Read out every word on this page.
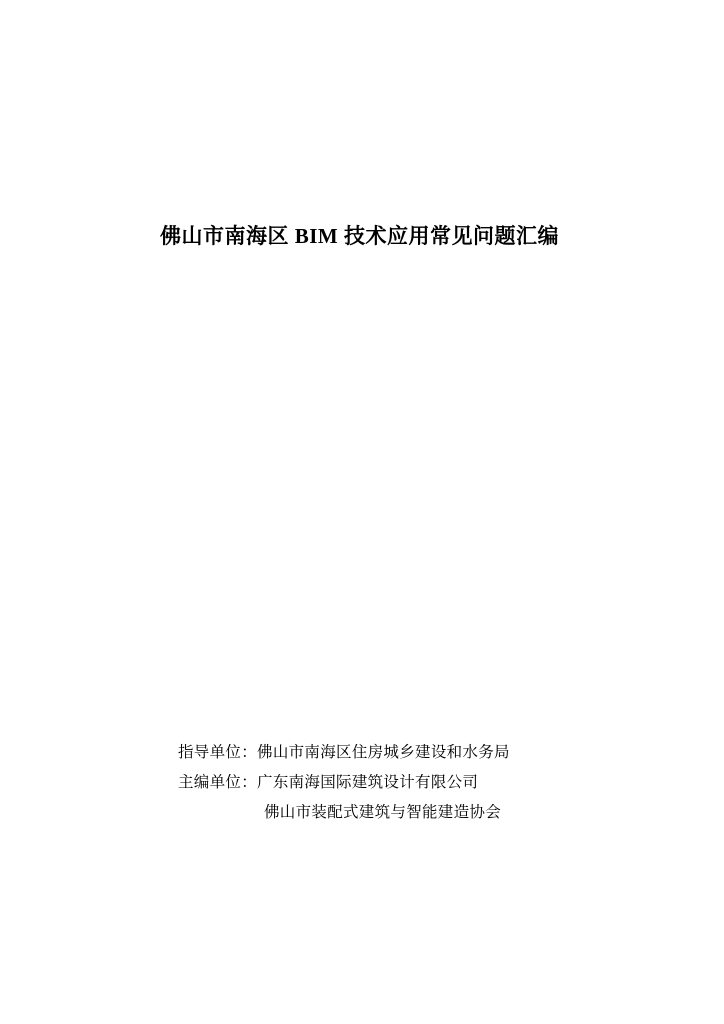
佛山市南海区 BIM 技术应用常见问题汇编
指导单位：佛山市南海区住房城乡建设和水务局
主编单位：广东南海国际建筑设计有限公司
佛山市装配式建筑与智能建造协会
